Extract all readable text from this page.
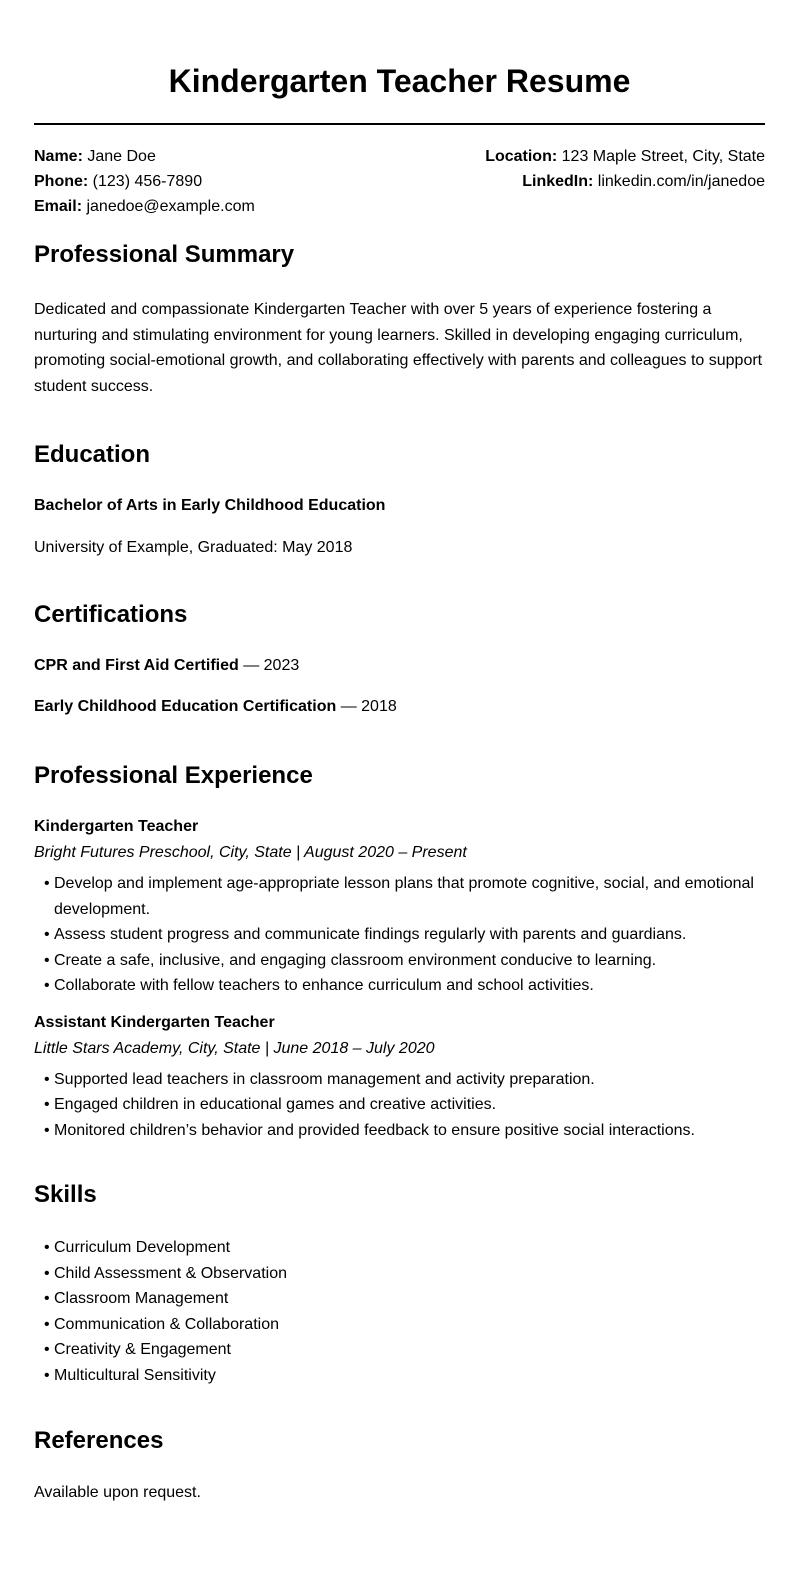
Kindergarten Teacher Resume
Name: Jane Doe
Phone: (123) 456-7890
Email: janedoe@example.com
Location: 123 Maple Street, City, State
LinkedIn: linkedin.com/in/janedoe
Professional Summary

Dedicated and compassionate Kindergarten Teacher with over 5 years of experience fostering a nurturing and stimulating environment for young learners. Skilled in developing engaging curriculum, promoting social-emotional growth, and collaborating effectively with parents and colleagues to support student success.

Education
Bachelor of Arts in Early Childhood Education

University of Example, Graduated: May 2018

Certifications
CPR and First Aid Certified — 2023
Early Childhood Education Certification — 2018
Professional Experience
Kindergarten Teacher
Bright Futures Preschool, City, State | August 2020 – Present
• Develop and implement age-appropriate lesson plans that promote cognitive, social, and emotional development.
• Assess student progress and communicate findings regularly with parents and guardians.
• Create a safe, inclusive, and engaging classroom environment conducive to learning.
• Collaborate with fellow teachers to enhance curriculum and school activities.
Assistant Kindergarten Teacher
Little Stars Academy, City, State | June 2018 – July 2020
• Supported lead teachers in classroom management and activity preparation.
• Engaged children in educational games and creative activities.
• Monitored children’s behavior and provided feedback to ensure positive social interactions.
Skills
• Curriculum Development
• Child Assessment & Observation
• Classroom Management
• Communication & Collaboration
• Creativity & Engagement
• Multicultural Sensitivity
References

Available upon request.
